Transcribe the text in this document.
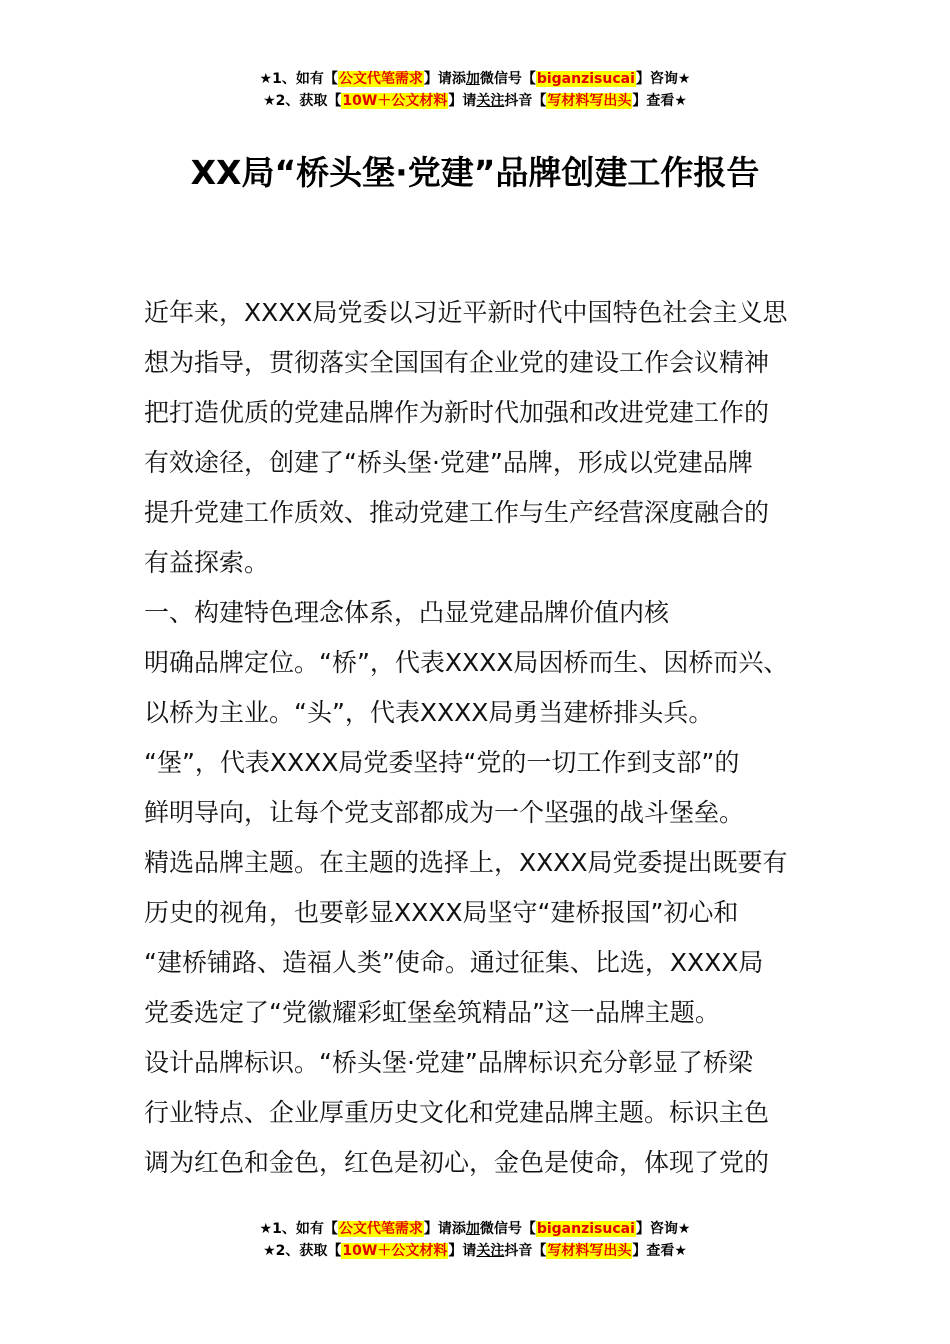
★1、如有【公文代笔需求】请添加微信号【biganzisucai】咨询★
★2、获取【10W＋公文材料】请关注抖音【写材料写出头】查看★
XX局“桥头堡·党建”品牌创建工作报告
近年来，XXXX局党委以习近平新时代中国特色社会主义思
想为指导，贯彻落实全国国有企业党的建设工作会议精神
把打造优质的党建品牌作为新时代加强和改进党建工作的
有效途径，创建了“桥头堡·党建”品牌，形成以党建品牌
提升党建工作质效、推动党建工作与生产经营深度融合的
有益探索。
一、构建特色理念体系，凸显党建品牌价值内核
明确品牌定位。“桥”，代表XXXX局因桥而生、因桥而兴、
以桥为主业。“头”，代表XXXX局勇当建桥排头兵。
“堡”，代表XXXX局党委坚持“党的一切工作到支部”的
鲜明导向，让每个党支部都成为一个坚强的战斗堡垒。
精选品牌主题。在主题的选择上，XXXX局党委提出既要有
历史的视角，也要彰显XXXX局坚守“建桥报国”初心和
“建桥铺路、造福人类”使命。通过征集、比选，XXXX局
党委选定了“党徽耀彩虹堡垒筑精品”这一品牌主题。
设计品牌标识。“桥头堡·党建”品牌标识充分彰显了桥梁
行业特点、企业厚重历史文化和党建品牌主题。标识主色
调为红色和金色，红色是初心，金色是使命，体现了党的
★1、如有【公文代笔需求】请添加微信号【biganzisucai】咨询★
★2、获取【10W＋公文材料】请关注抖音【写材料写出头】查看★
